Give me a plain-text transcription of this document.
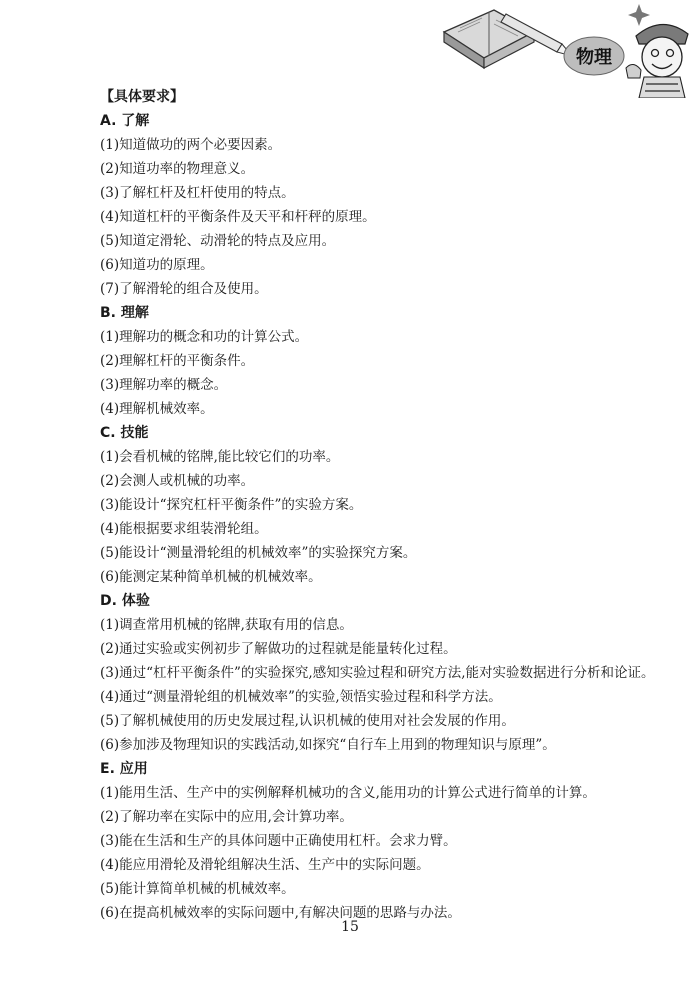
物理
【具体要求】
A. 了解
(1)知道做功的两个必要因素。
(2)知道功率的物理意义。
(3)了解杠杆及杠杆使用的特点。
(4)知道杠杆的平衡条件及天平和杆秤的原理。
(5)知道定滑轮、动滑轮的特点及应用。
(6)知道功的原理。
(7)了解滑轮的组合及使用。
B. 理解
(1)理解功的概念和功的计算公式。
(2)理解杠杆的平衡条件。
(3)理解功率的概念。
(4)理解机械效率。
C. 技能
(1)会看机械的铭牌,能比较它们的功率。
(2)会测人或机械的功率。
(3)能设计“探究杠杆平衡条件”的实验方案。
(4)能根据要求组装滑轮组。
(5)能设计“测量滑轮组的机械效率”的实验探究方案。
(6)能测定某种简单机械的机械效率。
D. 体验
(1)调查常用机械的铭牌,获取有用的信息。
(2)通过实验或实例初步了解做功的过程就是能量转化过程。
(3)通过“杠杆平衡条件”的实验探究,感知实验过程和研究方法,能对实验数据进行分析和论证。
(4)通过“测量滑轮组的机械效率”的实验,领悟实验过程和科学方法。
(5)了解机械使用的历史发展过程,认识机械的使用对社会发展的作用。
(6)参加涉及物理知识的实践活动,如探究“自行车上用到的物理知识与原理”。
E. 应用
(1)能用生活、生产中的实例解释机械功的含义,能用功的计算公式进行简单的计算。
(2)了解功率在实际中的应用,会计算功率。
(3)能在生活和生产的具体问题中正确使用杠杆。会求力臂。
(4)能应用滑轮及滑轮组解决生活、生产中的实际问题。
(5)能计算简单机械的机械效率。
(6)在提高机械效率的实际问题中,有解决问题的思路与办法。
15
